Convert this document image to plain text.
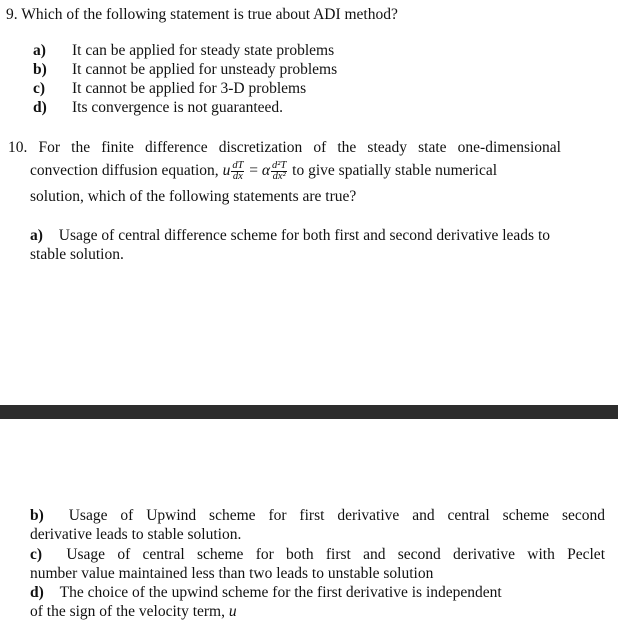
9. Which of the following statement is true about ADI method?
a) It can be applied for steady state problems
b) It cannot be applied for unsteady problems
c) It cannot be applied for 3-D problems
d) Its convergence is not guaranteed.
10. For the finite difference discretization of the steady state one-dimensional
convection diffusion equation, u $\frac{dT}{dx} = \alpha \frac{\text{d²T}}{\text{dx²}}$ to give spatially stable numerical
solution, which of the following statements are true?
a) Usage of central difference scheme for both first and second derivative leads to
stable solution.
b) Usage of Upwind scheme for first derivative and central scheme second
derivative leads to stable solution.
c) Usage of central scheme for both first and second derivative with Peclet
number value maintained less than two leads to unstable solution
d) The choice of the upwind scheme for the first derivative is independent
of the sign of the velocity term, u
